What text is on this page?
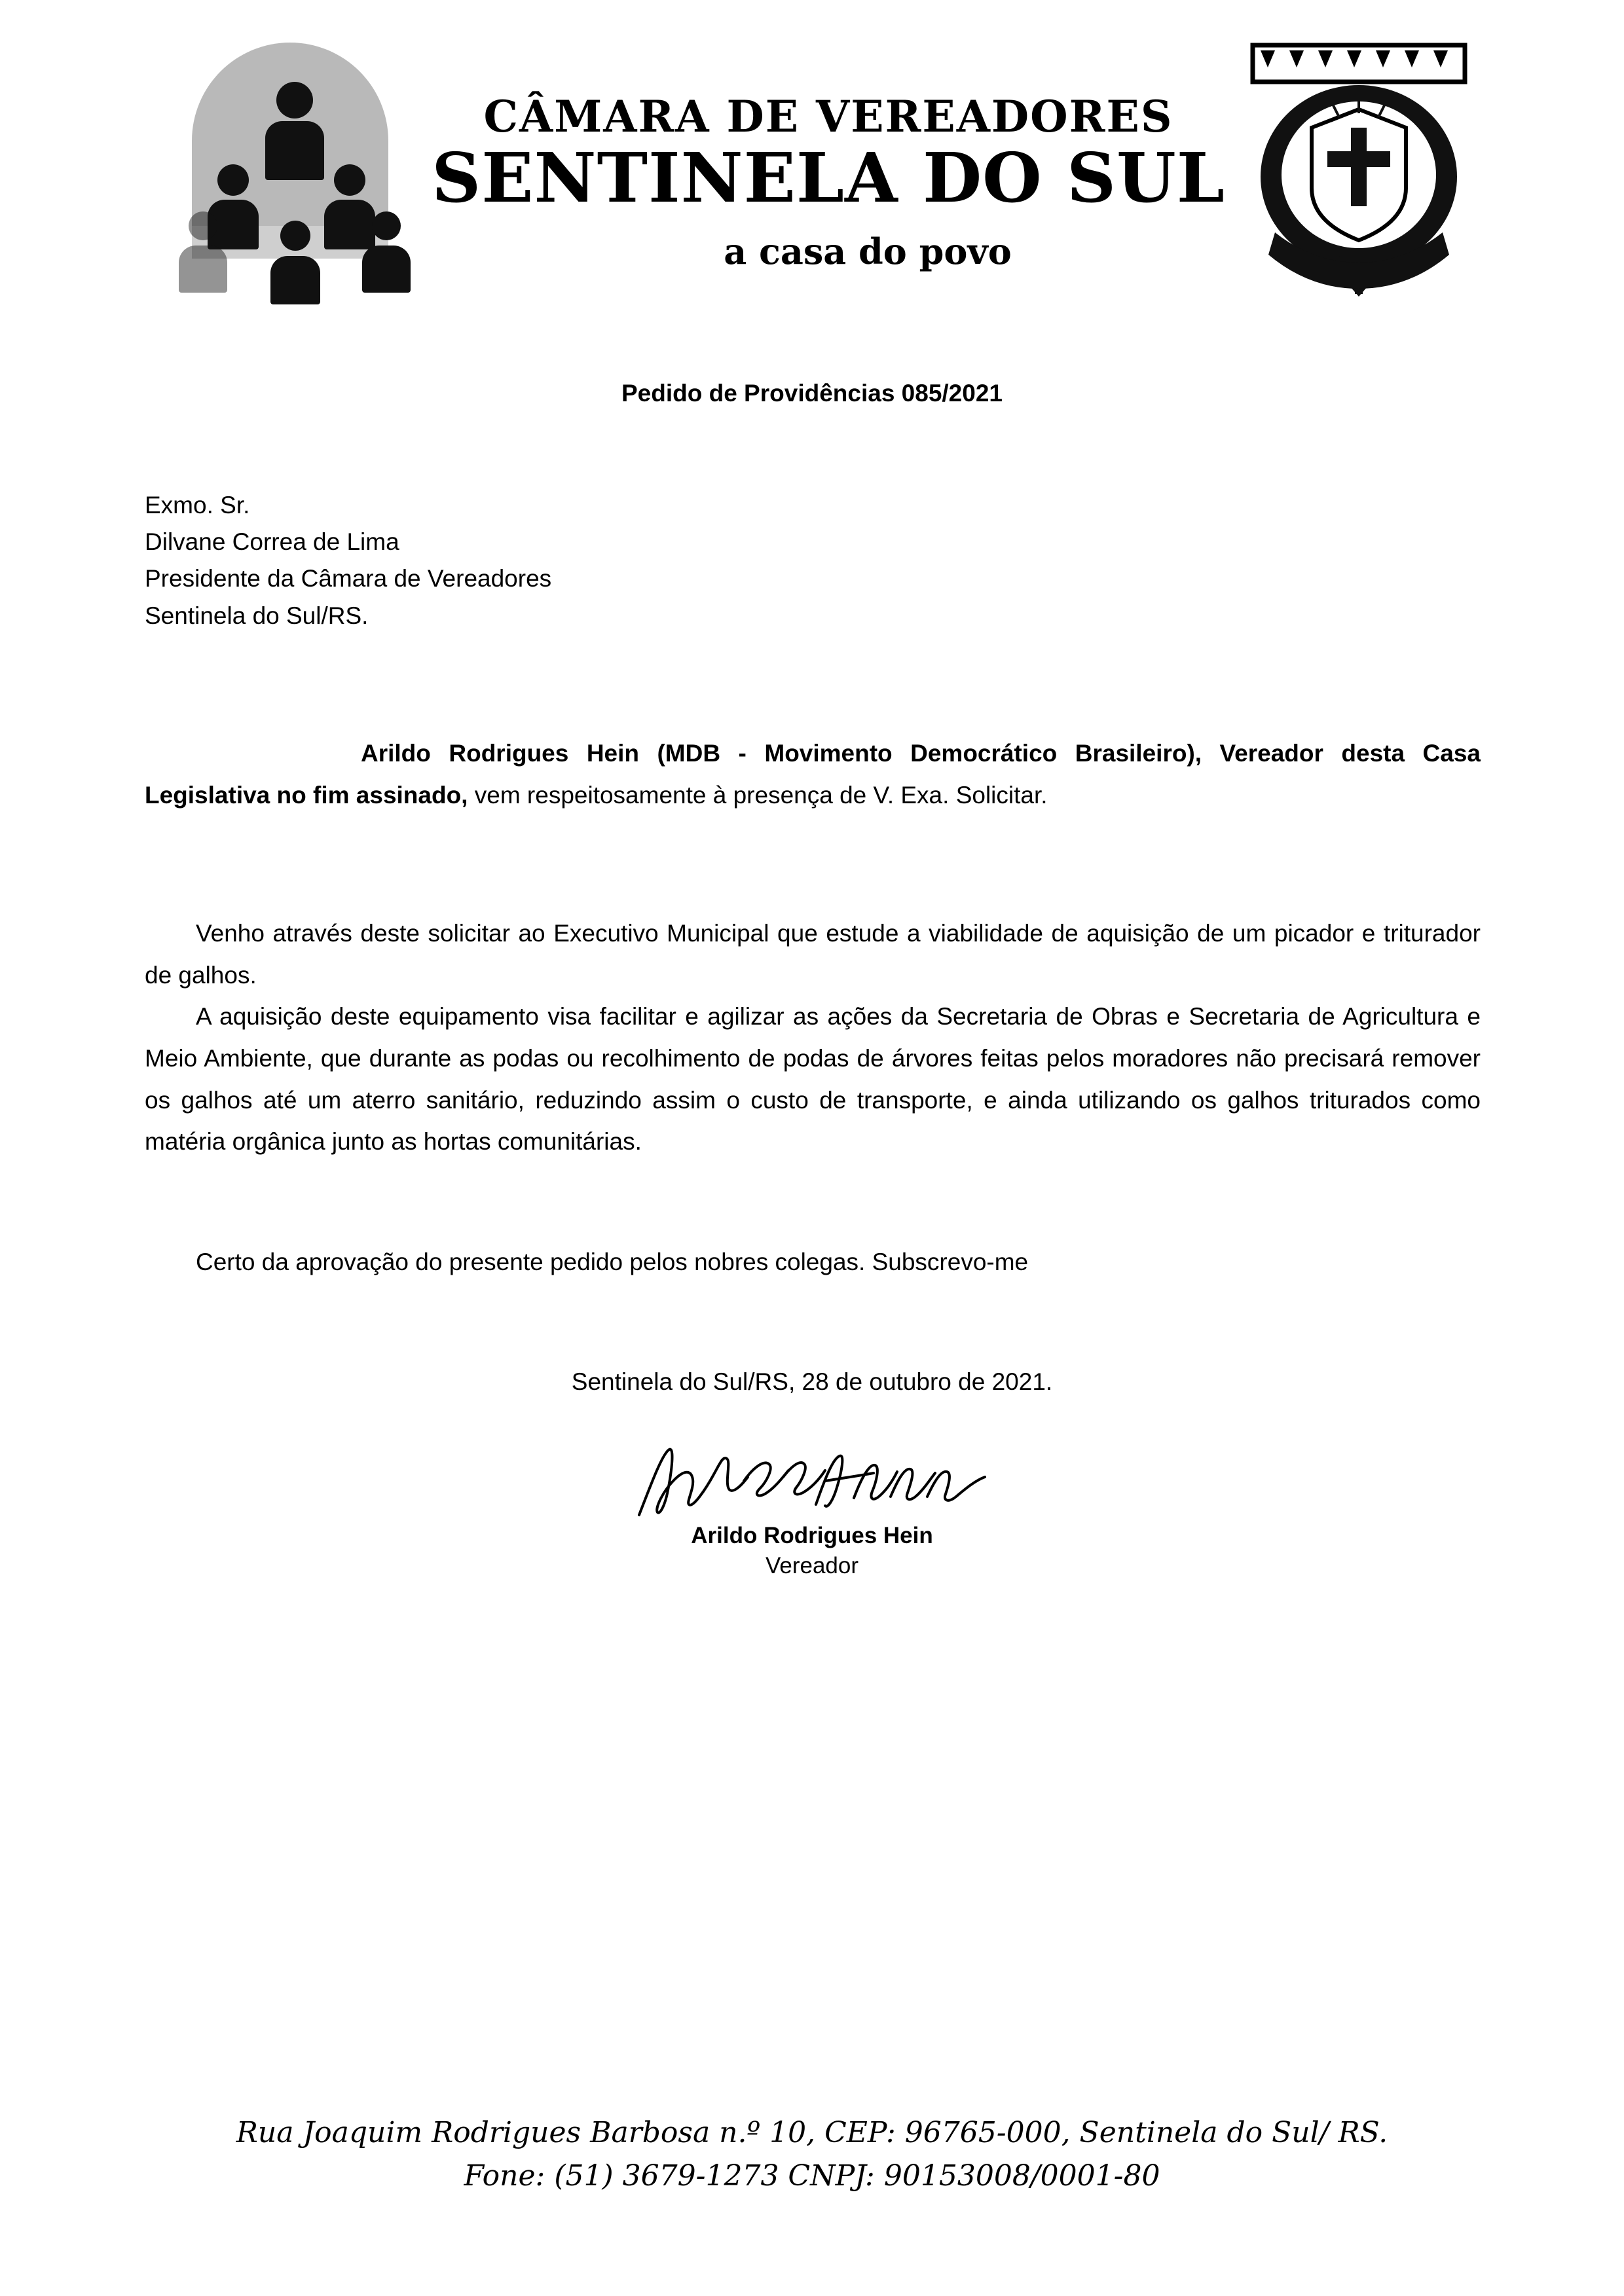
CÂMARA DE VEREADORES
SENTINELA DO SUL
a casa do povo
Pedido de Providências 085/2021
Exmo. Sr.
Dilvane Correa de Lima
Presidente da Câmara de Vereadores
Sentinela do Sul/RS.
Arildo Rodrigues Hein (MDB - Movimento Democrático Brasileiro), Vereador desta Casa Legislativa no fim assinado, vem respeitosamente à presença de V. Exa. Solicitar.
Venho através deste solicitar ao Executivo Municipal que estude a viabilidade de aquisição de um picador e triturador de galhos.
A aquisição deste equipamento visa facilitar e agilizar as ações da Secretaria de Obras e Secretaria de Agricultura e Meio Ambiente, que durante as podas ou recolhimento de podas de árvores feitas pelos moradores não precisará remover os galhos até um aterro sanitário, reduzindo assim o custo de transporte, e ainda utilizando os galhos triturados como matéria orgânica junto as hortas comunitárias.
Certo da aprovação do presente pedido pelos nobres colegas. Subscrevo-me
Sentinela do Sul/RS, 28 de outubro de 2021.
Arildo Rodrigues Hein
Vereador
Rua Joaquim Rodrigues Barbosa n.º 10, CEP: 96765-000, Sentinela do Sul/ RS.
Fone: (51) 3679-1273 CNPJ: 90153008/0001-80
